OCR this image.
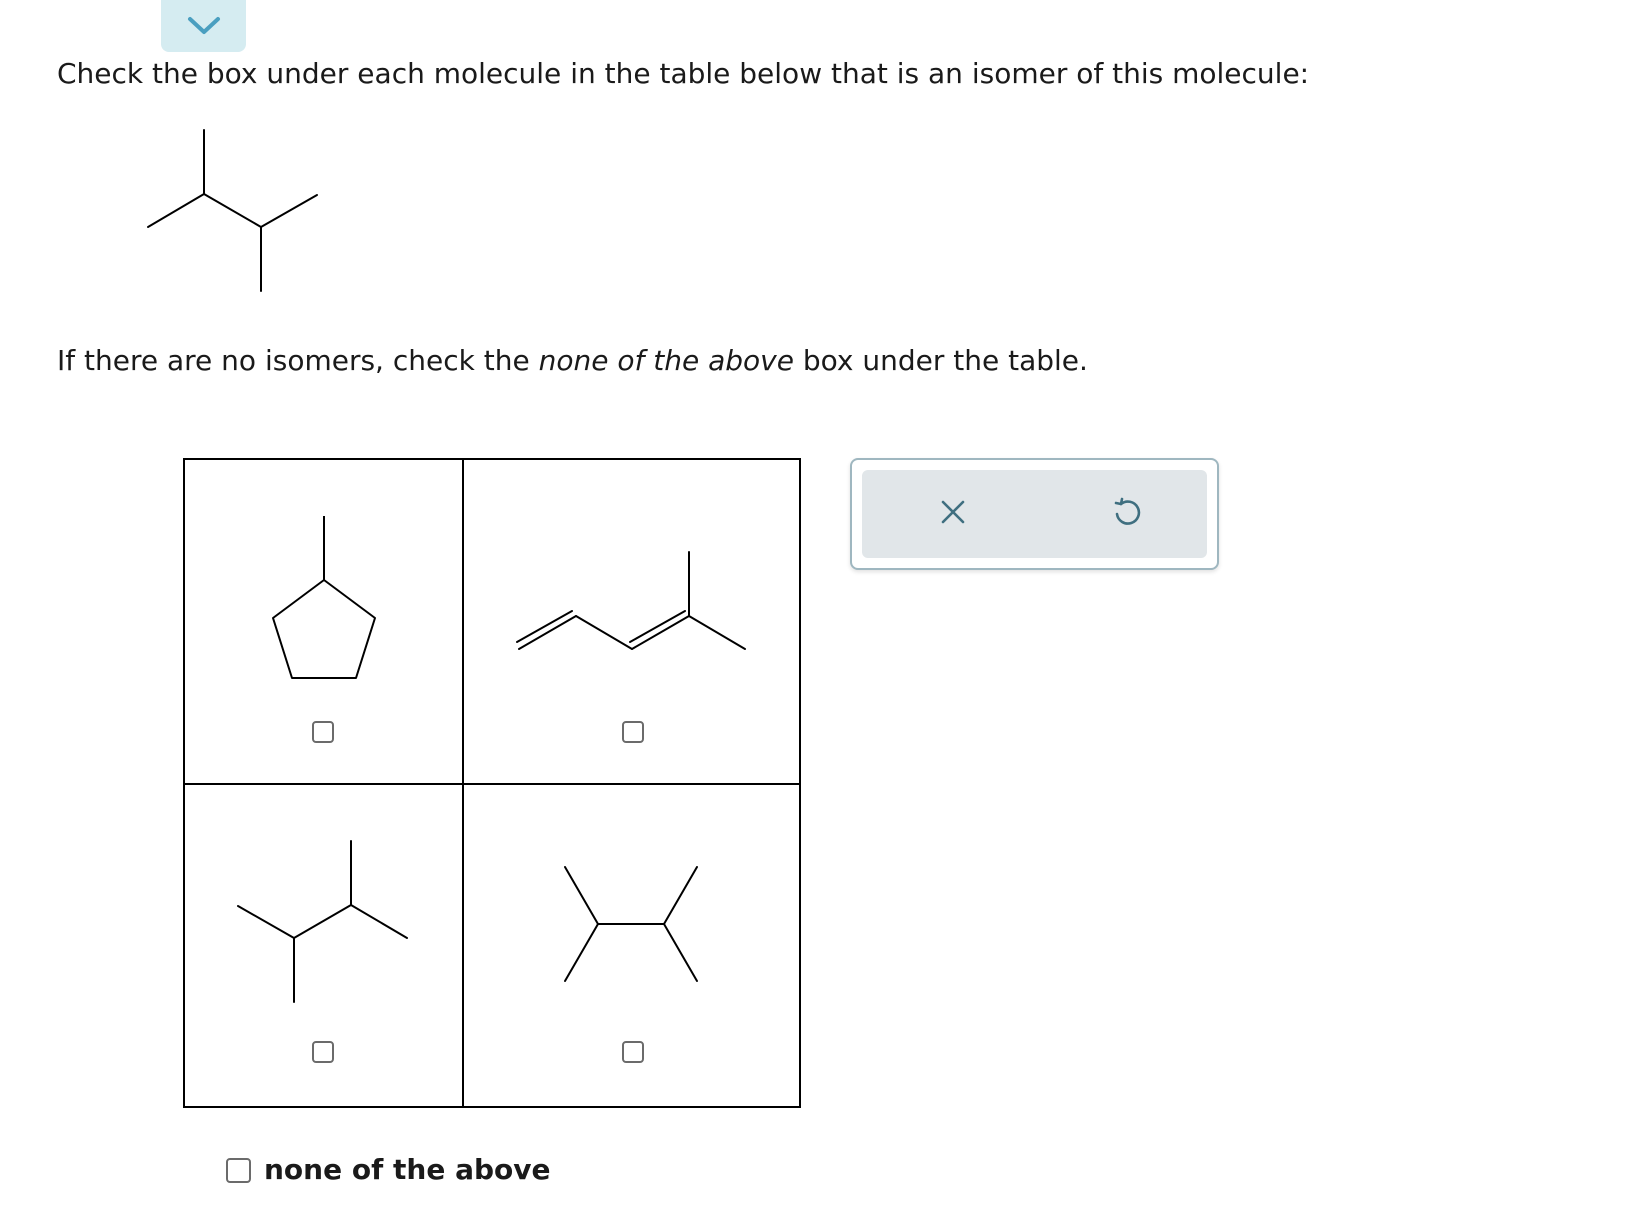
Check the box under each molecule in the table below that is an isomer of this molecule:
If there are no isomers, check the none of the above box under the table.
none of the above
